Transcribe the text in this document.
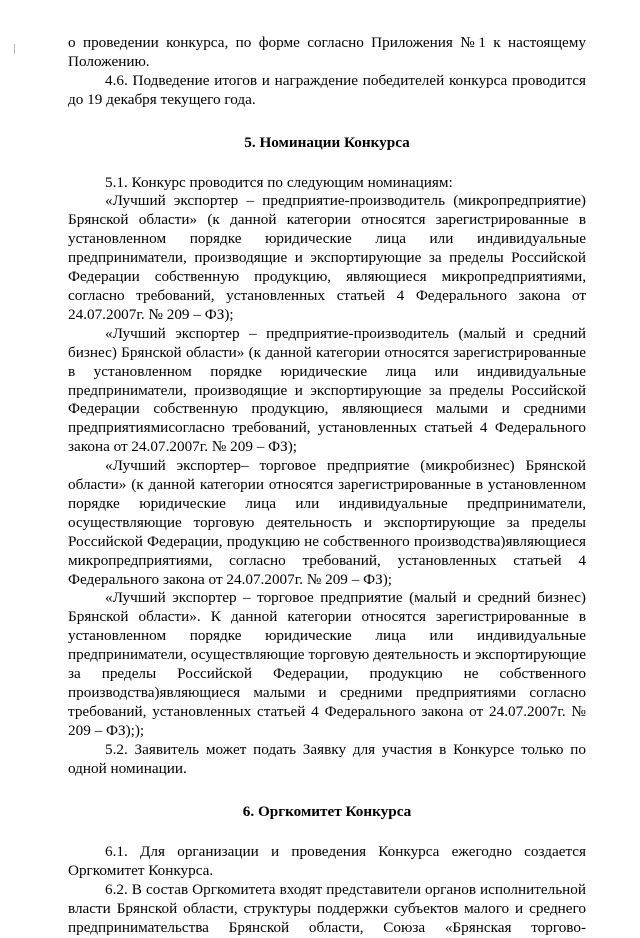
о проведении конкурса, по форме согласно Приложения №1 к настоящему Положению.

4.6. Подведение итогов и награждение победителей конкурса проводится до 19 декабря текущего года.

5. Номинации Конкурса

5.1. Конкурс проводится по следующим номинациям:

«Лучший экспортер – предприятие-производитель (микропредприятие) Брянской области» (к данной категории относятся зарегистрированные в установленном порядке юридические лица или индивидуальные предприниматели, производящие и экспортирующие за пределы Российской Федерации собственную продукцию, являющиеся микропредприятиями, согласно требований, установленных статьей 4 Федерального закона от 24.07.2007г. № 209 – ФЗ);

«Лучший экспортер – предприятие-производитель (малый и средний бизнес) Брянской области» (к данной категории относятся зарегистрированные в установленном порядке юридические лица или индивидуальные предприниматели, производящие и экспортирующие за пределы Российской Федерации собственную продукцию, являющиеся малыми и средними предприятиямисогласно требований, установленных статьей 4 Федерального закона от 24.07.2007г. № 209 – ФЗ);

«Лучший экспортер– торговое предприятие (микробизнес) Брянской области» (к данной категории относятся зарегистрированные в установленном порядке юридические лица или индивидуальные предприниматели, осуществляющие торговую деятельность и экспортирующие за пределы Российской Федерации, продукцию не собственного производства)являющиеся микропредприятиями, согласно требований, установленных статьей 4 Федерального закона от 24.07.2007г. № 209 – ФЗ);

«Лучший экспортер – торговое предприятие (малый и средний бизнес) Брянской области». К данной категории относятся зарегистрированные в установленном порядке юридические лица или индивидуальные предприниматели, осуществляющие торговую деятельность и экспортирующие за пределы Российской Федерации, продукцию не собственного производства)являющиеся малыми и средними предприятиями согласно требований, установленных статьей 4 Федерального закона от 24.07.2007г. № 209 – ФЗ););

5.2. Заявитель может подать Заявку для участия в Конкурсе только по одной номинации.

6. Оргкомитет Конкурса

6.1. Для организации и проведения Конкурса ежегодно создается Оргкомитет Конкурса.

6.2. В состав Оргкомитета входят представители органов исполнительной власти Брянской области, структуры поддержки субъектов малого и среднего предпринимательства Брянской области, Союза «Брянская торгово-
